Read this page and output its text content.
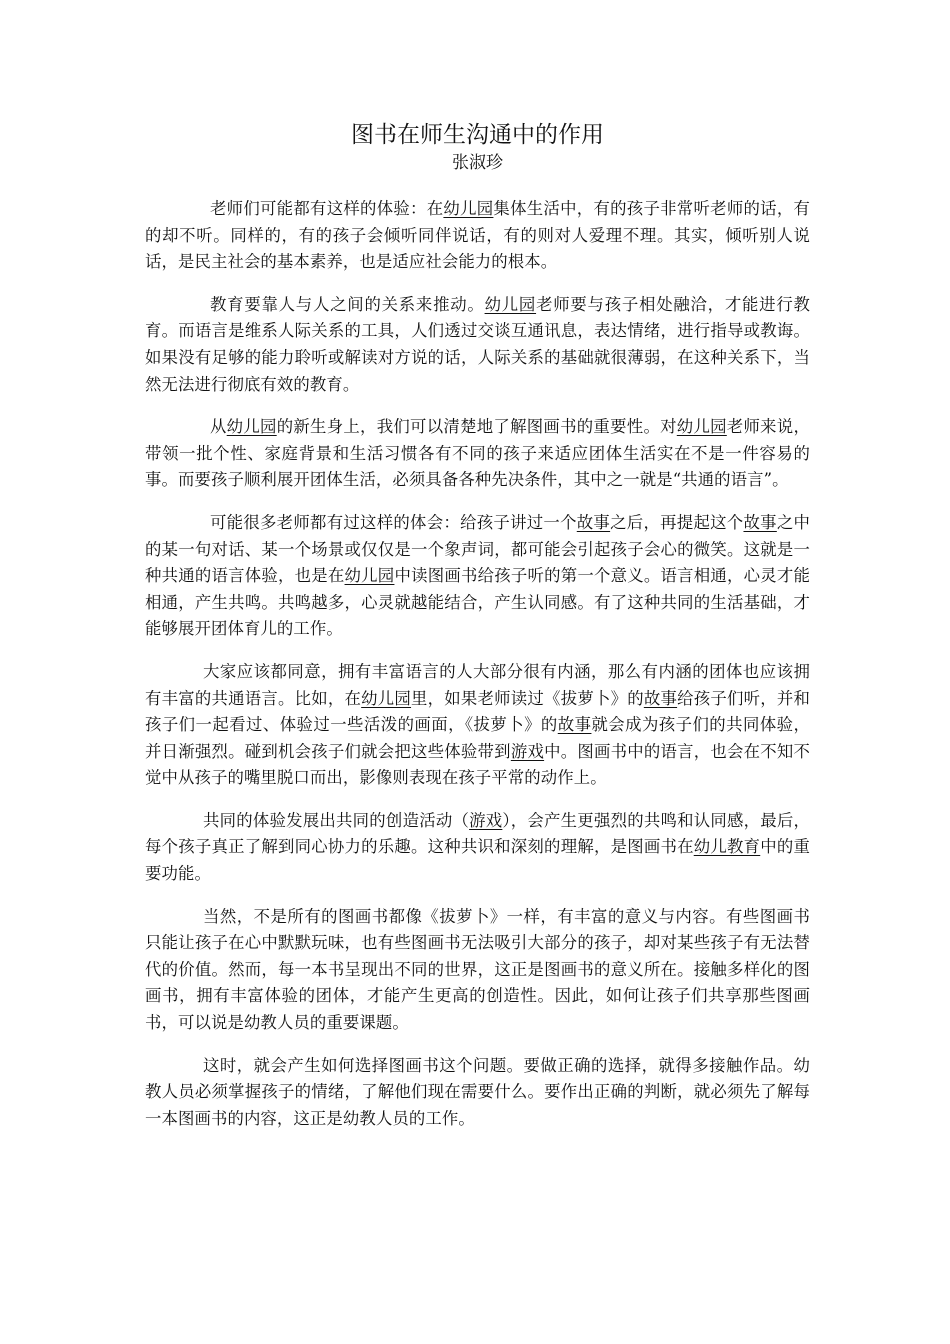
图书在师生沟通中的作用
张淑珍

老师们可能都有这样的体验：在幼儿园集体生活中，有的孩子非常听老师的话，有的却不听。同样的，有的孩子会倾听同伴说话，有的则对人爱理不理。其实，倾听别人说话，是民主社会的基本素养，也是适应社会能力的根本。

教育要靠人与人之间的关系来推动。幼儿园老师要与孩子相处融洽，才能进行教育。而语言是维系人际关系的工具，人们透过交谈互通讯息，表达情绪，进行指导或教诲。如果没有足够的能力聆听或解读对方说的话，人际关系的基础就很薄弱，在这种关系下，当然无法进行彻底有效的教育。

从幼儿园的新生身上，我们可以清楚地了解图画书的重要性。对幼儿园老师来说，带领一批个性、家庭背景和生活习惯各有不同的孩子来适应团体生活实在不是一件容易的事。而要孩子顺利展开团体生活，必须具备各种先决条件，其中之一就是“共通的语言”。

可能很多老师都有过这样的体会：给孩子讲过一个故事之后，再提起这个故事之中的某一句对话、某一个场景或仅仅是一个象声词，都可能会引起孩子会心的微笑。这就是一种共通的语言体验，也是在幼儿园中读图画书给孩子听的第一个意义。语言相通，心灵才能相通，产生共鸣。共鸣越多，心灵就越能结合，产生认同感。有了这种共同的生活基础，才能够展开团体育儿的工作。

大家应该都同意，拥有丰富语言的人大部分很有内涵，那么有内涵的团体也应该拥有丰富的共通语言。比如，在幼儿园里，如果老师读过《拔萝卜》的故事给孩子们听，并和孩子们一起看过、体验过一些活泼的画面，《拔萝卜》的故事就会成为孩子们的共同体验，并日渐强烈。碰到机会孩子们就会把这些体验带到游戏中。图画书中的语言，也会在不知不觉中从孩子的嘴里脱口而出，影像则表现在孩子平常的动作上。

共同的体验发展出共同的创造活动（游戏），会产生更强烈的共鸣和认同感，最后，每个孩子真正了解到同心协力的乐趣。这种共识和深刻的理解，是图画书在幼儿教育中的重要功能。

当然，不是所有的图画书都像《拔萝卜》一样，有丰富的意义与内容。有些图画书只能让孩子在心中默默玩味，也有些图画书无法吸引大部分的孩子，却对某些孩子有无法替代的价值。然而，每一本书呈现出不同的世界，这正是图画书的意义所在。接触多样化的图画书，拥有丰富体验的团体，才能产生更高的创造性。因此，如何让孩子们共享那些图画书，可以说是幼教人员的重要课题。

这时，就会产生如何选择图画书这个问题。要做正确的选择，就得多接触作品。幼教人员必须掌握孩子的情绪，了解他们现在需要什么。要作出正确的判断，就必须先了解每一本图画书的内容，这正是幼教人员的工作。
